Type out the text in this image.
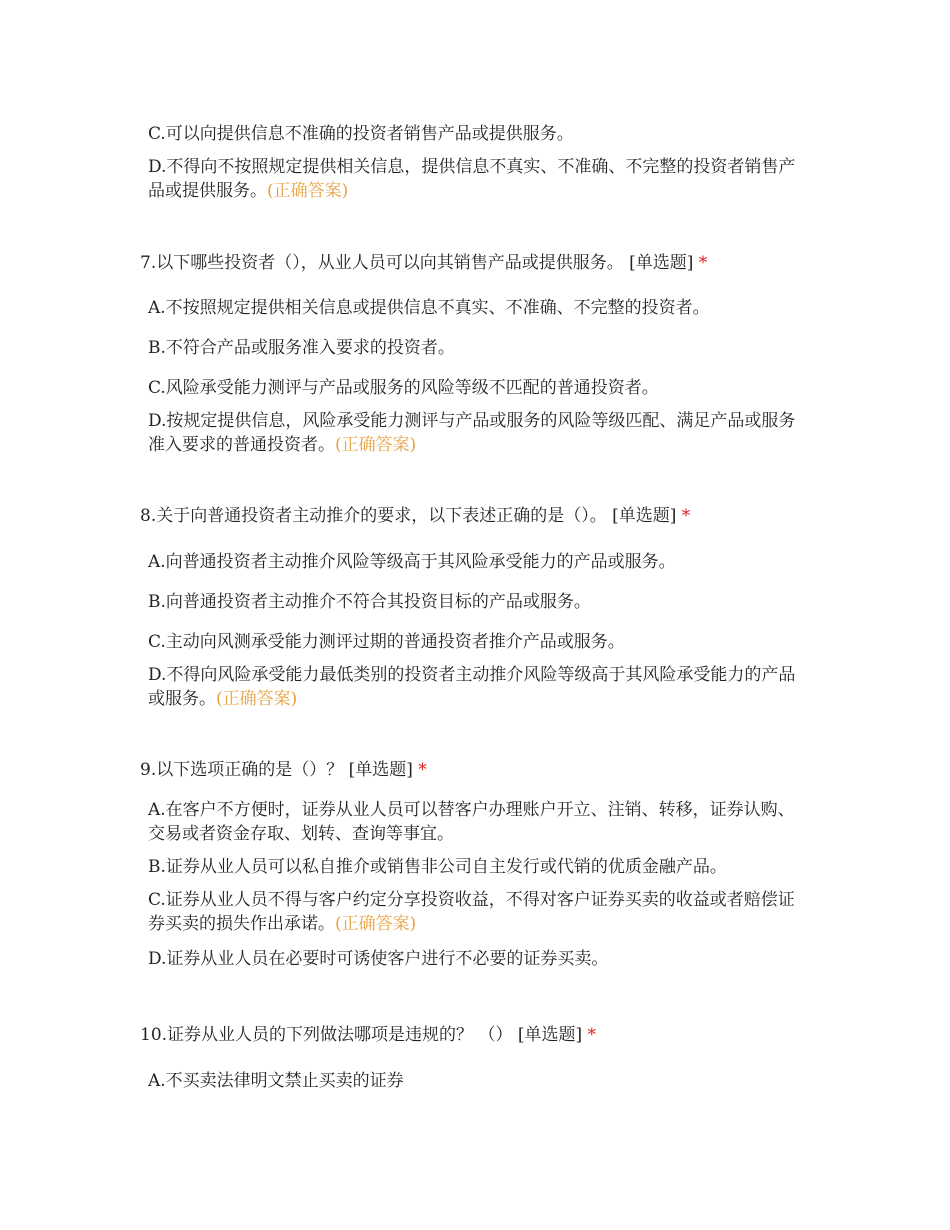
C.可以向提供信息不准确的投资者销售产品或提供服务。
D.不得向不按照规定提供相关信息，提供信息不真实、不准确、不完整的投资者销售产品或提供服务。(正确答案)
7.以下哪些投资者（），从业人员可以向其销售产品或提供服务。 [单选题] *
A.不按照规定提供相关信息或提供信息不真实、不准确、不完整的投资者。
B.不符合产品或服务准入要求的投资者。
C.风险承受能力测评与产品或服务的风险等级不匹配的普通投资者。
D.按规定提供信息，风险承受能力测评与产品或服务的风险等级匹配、满足产品或服务准入要求的普通投资者。(正确答案)
8.关于向普通投资者主动推介的要求，以下表述正确的是（）。 [单选题] *
A.向普通投资者主动推介风险等级高于其风险承受能力的产品或服务。
B.向普通投资者主动推介不符合其投资目标的产品或服务。
C.主动向风测承受能力测评过期的普通投资者推介产品或服务。
D.不得向风险承受能力最低类别的投资者主动推介风险等级高于其风险承受能力的产品或服务。(正确答案)
9.以下选项正确的是（）？ [单选题] *
A.在客户不方便时，证券从业人员可以替客户办理账户开立、注销、转移，证券认购、交易或者资金存取、划转、查询等事宜。
B.证券从业人员可以私自推介或销售非公司自主发行或代销的优质金融产品。
C.证券从业人员不得与客户约定分享投资收益，不得对客户证券买卖的收益或者赔偿证券买卖的损失作出承诺。(正确答案)
D.证券从业人员在必要时可诱使客户进行不必要的证券买卖。
10.证券从业人员的下列做法哪项是违规的？ （） [单选题] *
A.不买卖法律明文禁止买卖的证券
